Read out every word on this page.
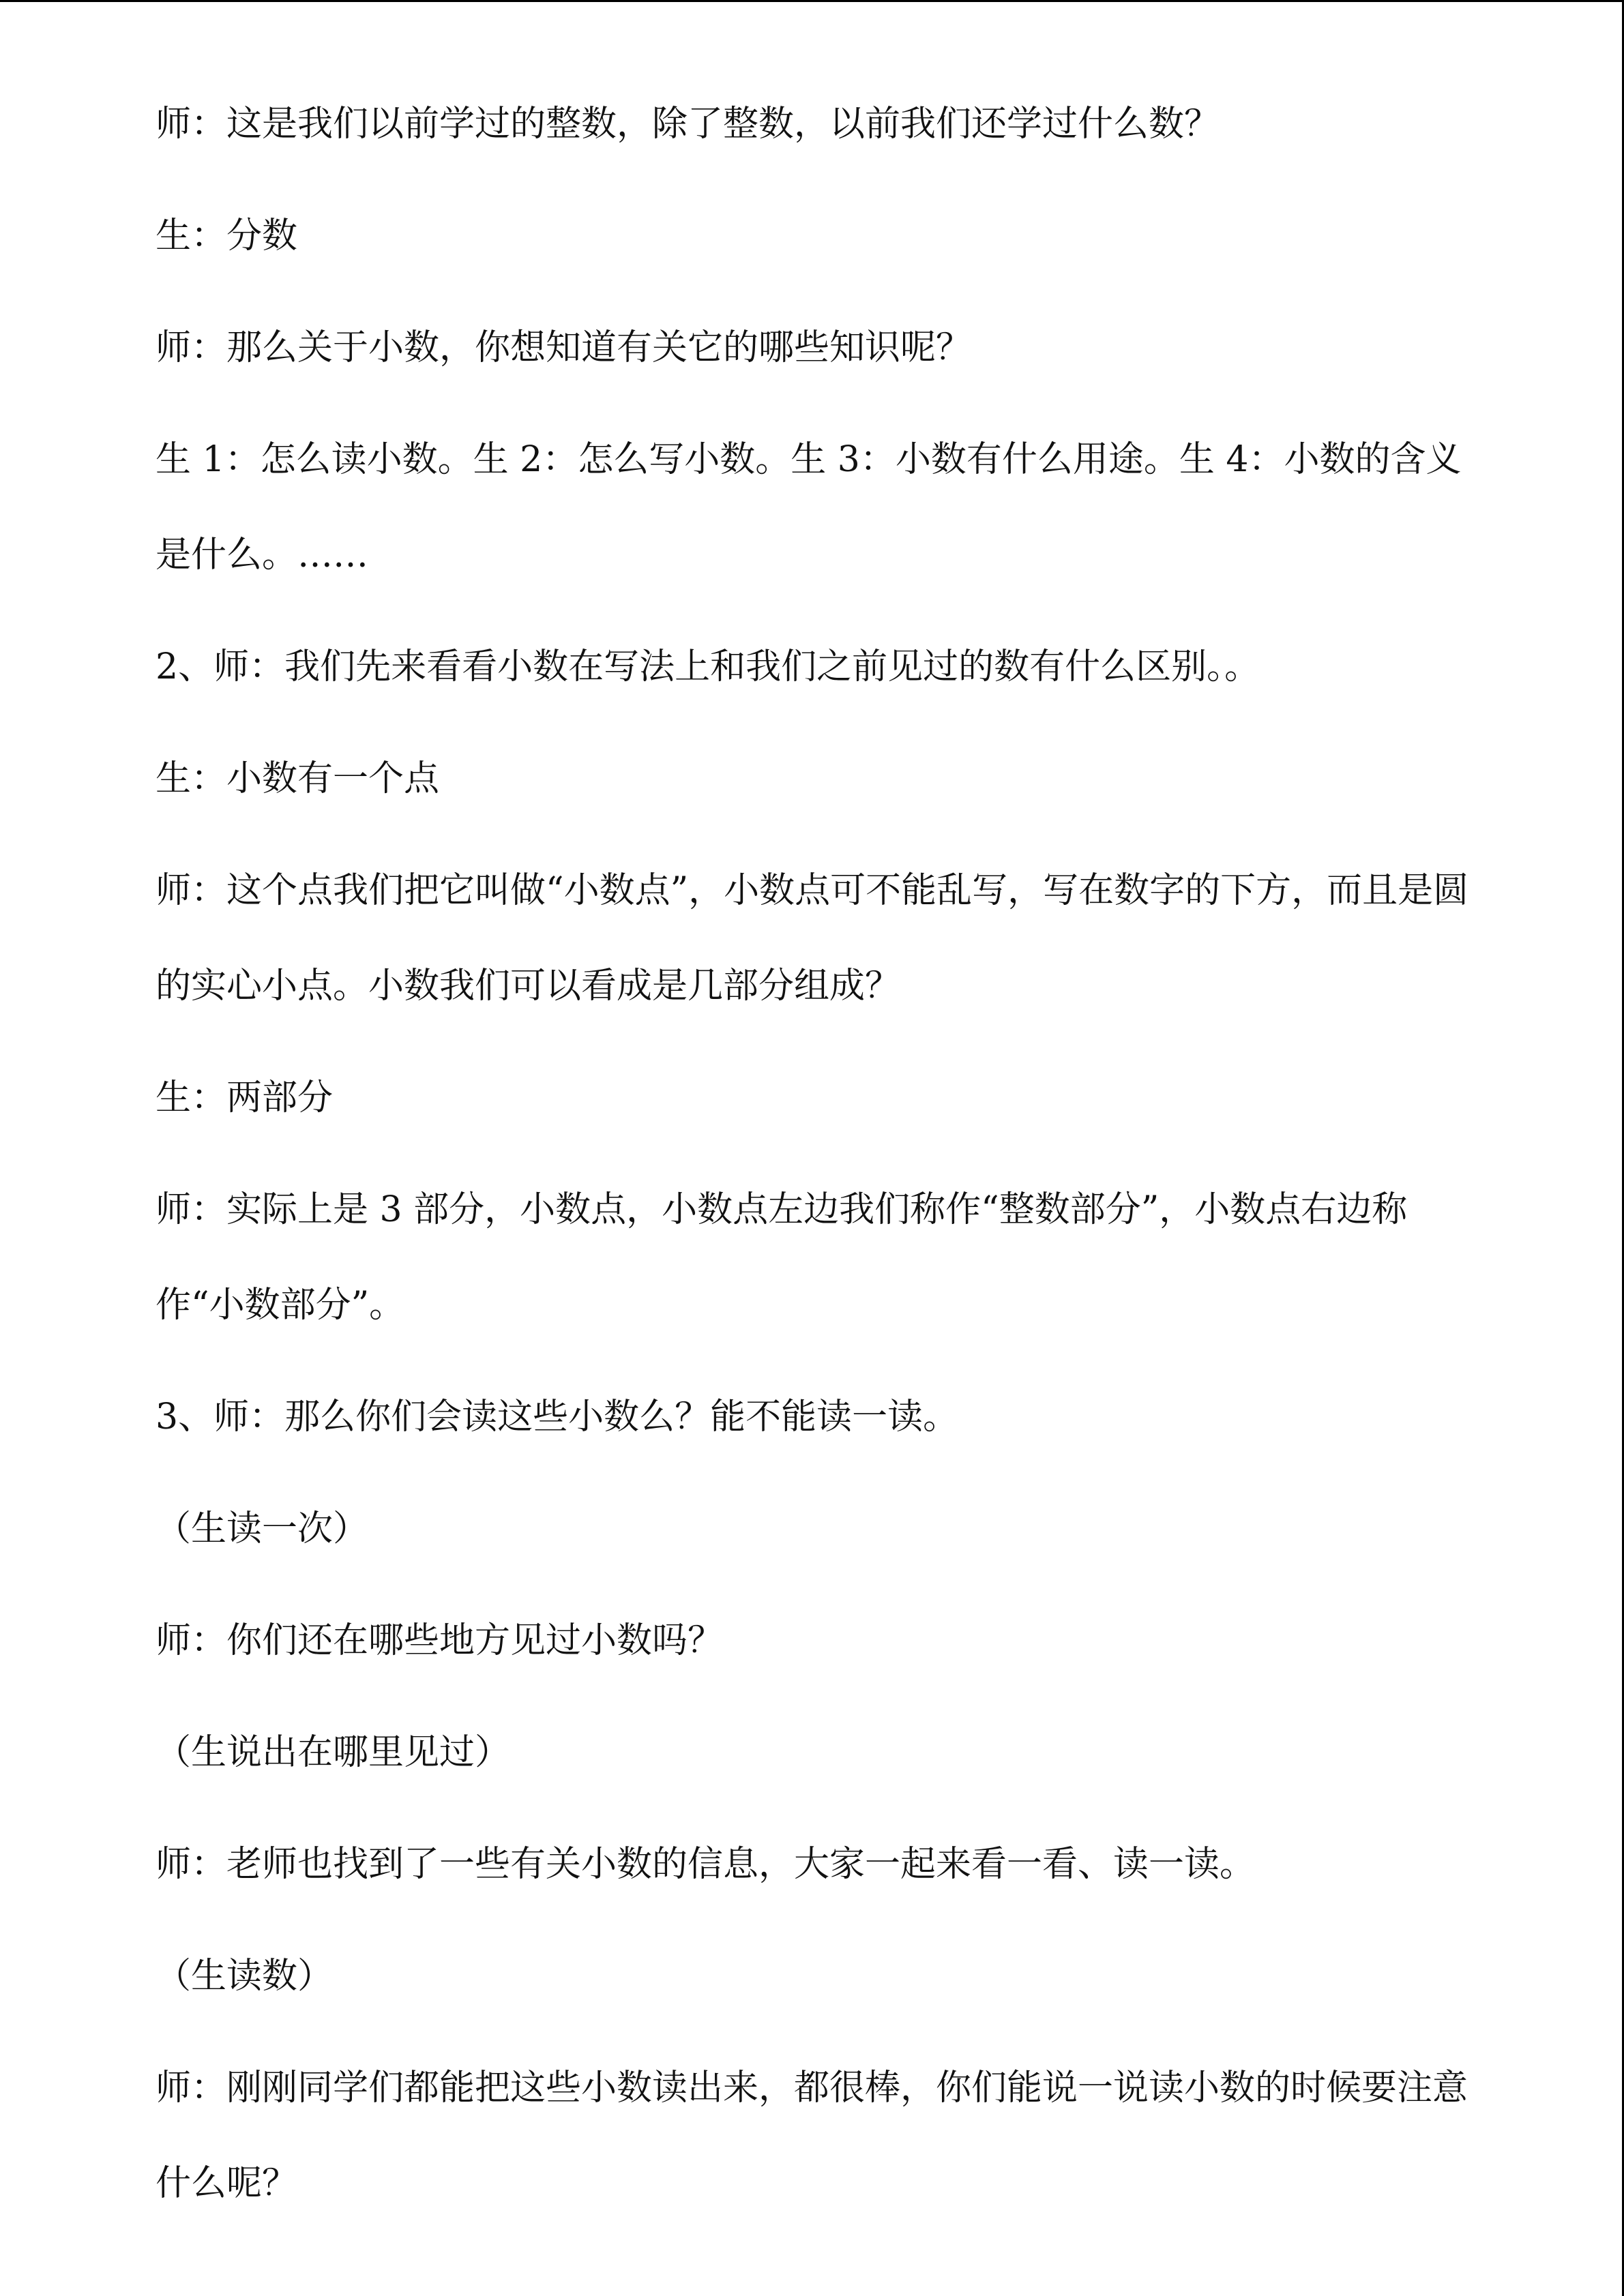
师：这是我们以前学过的整数，除了整数，以前我们还学过什么数？

生：分数

师：那么关于小数，你想知道有关它的哪些知识呢？

生 1：怎么读小数。生 2：怎么写小数。生 3：小数有什么用途。生 4：小数的含义是什么。……

2、师：我们先来看看小数在写法上和我们之前见过的数有什么区别。。

生：小数有一个点

师：这个点我们把它叫做“小数点”，小数点可不能乱写，写在数字的下方，而且是圆的实心小点。小数我们可以看成是几部分组成？

生：两部分

师：实际上是 3 部分，小数点，小数点左边我们称作“整数部分”，小数点右边称作“小数部分”。

3、师：那么你们会读这些小数么？能不能读一读。

（生读一次）

师：你们还在哪些地方见过小数吗？

（生说出在哪里见过）

师：老师也找到了一些有关小数的信息，大家一起来看一看、读一读。

（生读数）

师：刚刚同学们都能把这些小数读出来，都很棒，你们能说一说读小数的时候要注意什么呢？
